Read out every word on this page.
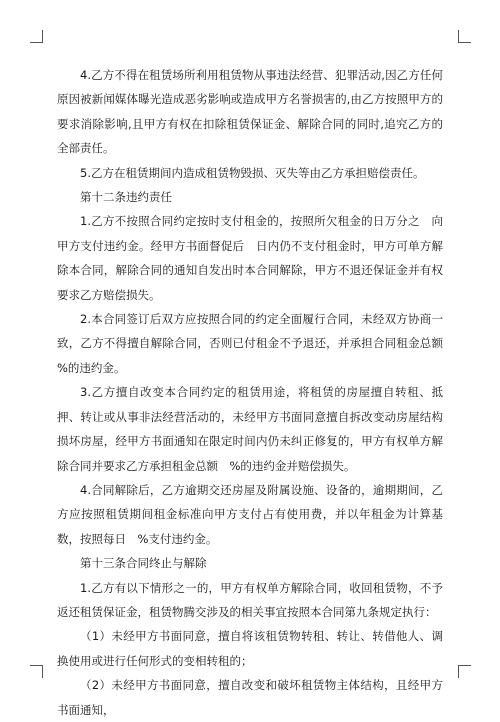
4.乙方不得在租赁场所利用租赁物从事违法经营、犯罪活动,因乙方任何原因被新闻媒体曝光造成恶劣影响或造成甲方名誉损害的,由乙方按照甲方的要求消除影响,且甲方有权在扣除租赁保证金、解除合同的同时,追究乙方的全部责任。

5.乙方在租赁期间内造成租赁物毁损、灭失等由乙方承担赔偿责任。

第十二条违约责任

1.乙方不按照合同约定按时支付租金的，按照所欠租金的日万分之　向甲方支付违约金。经甲方书面督促后　日内仍不支付租金时，甲方可单方解除本合同，解除合同的通知自发出时本合同解除，甲方不退还保证金并有权要求乙方赔偿损失。

2.本合同签订后双方应按照合同的约定全面履行合同，未经双方协商一致，乙方不得擅自解除合同，否则已付租金不予退还，并承担合同租金总额　%的违约金。

3.乙方擅自改变本合同约定的租赁用途，将租赁的房屋擅自转租、抵押、转让或从事非法经营活动的，未经甲方书面同意擅自拆改变动房屋结构损坏房屋，经甲方书面通知在限定时间内仍未纠正修复的，甲方有权单方解除合同并要求乙方承担租金总额　%的违约金并赔偿损失。

4.合同解除后，乙方逾期交还房屋及附属设施、设备的，逾期期间，乙方应按照租赁期间租金标准向甲方支付占有使用费，并以年租金为计算基数，按照每日　%支付违约金。

第十三条合同终止与解除

1.乙方有以下情形之一的，甲方有权单方解除合同，收回租赁物，不予返还租赁保证金，租赁物腾交涉及的相关事宜按照本合同第九条规定执行：

（1）未经甲方书面同意，擅自将该租赁物转租、转让、转借他人、调换使用或进行任何形式的变相转租的；

（2）未经甲方书面同意，擅自改变和破坏租赁物主体结构，且经甲方书面通知，
